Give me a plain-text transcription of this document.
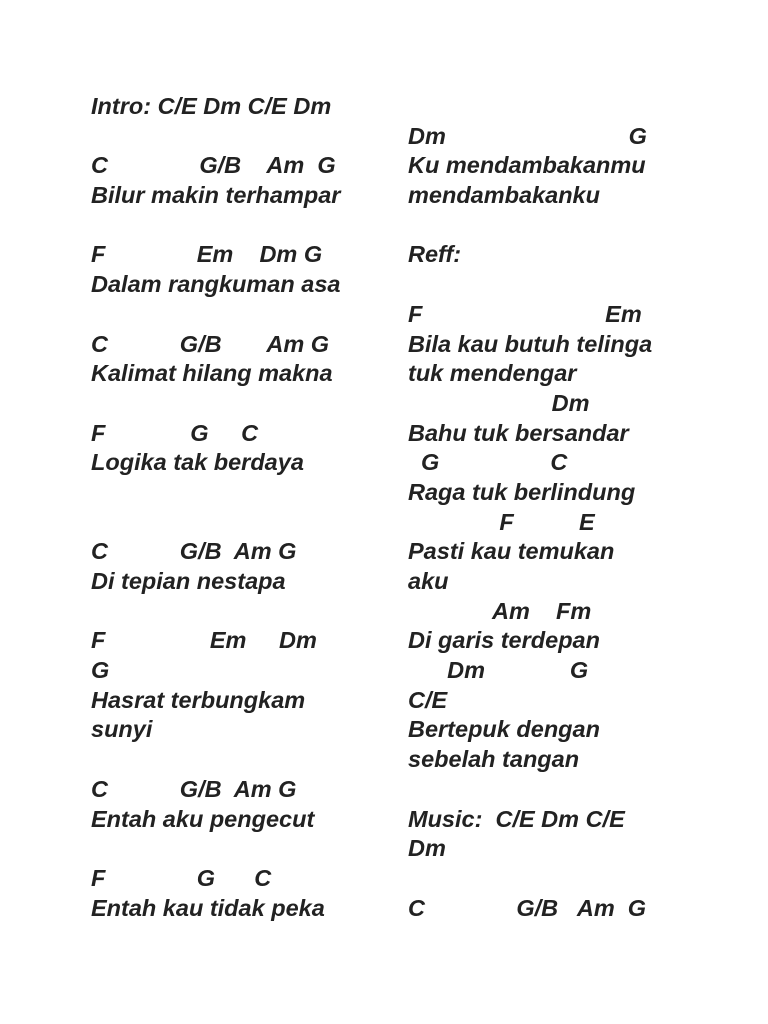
Intro: C/E Dm C/E Dm
C              G/B    Am  G
Bilur makin terhampar
F              Em    Dm G
Dalam rangkuman asa
C           G/B       Am G
Kalimat hilang makna
F             G     C
Logika tak berdaya
C           G/B  Am G
Di tepian nestapa
F                Em     Dm
G
Hasrat terbungkam
sunyi
C           G/B  Am G
Entah aku pengecut
F              G      C
Entah kau tidak peka
Dm                            G
Ku mendambakanmu
mendambakanku
Reff:
F                            Em
Bila kau butuh telinga
tuk mendengar
Dm
Bahu tuk bersandar
G                 C
Raga tuk berlindung
F          E
Pasti kau temukan
aku
Am    Fm
Di garis terdepan
Dm             G
C/E
Bertepuk dengan
sebelah tangan
Music:  C/E Dm C/E
Dm
C              G/B   Am  G
